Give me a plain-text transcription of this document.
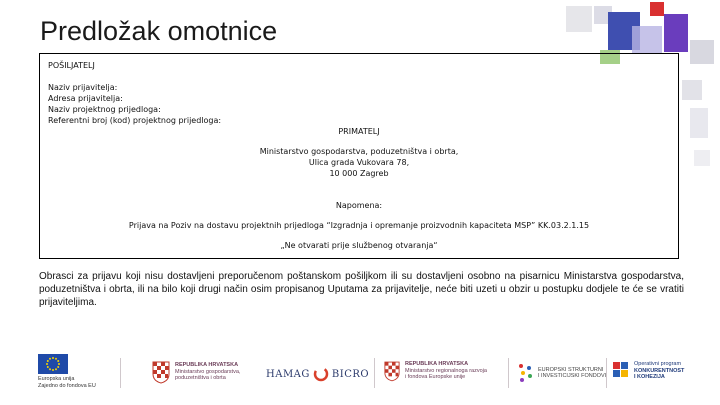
Predložak omotnice
POŠILJATELJ
Naziv prijavitelja:
Adresa prijavitelja:
Naziv projektnog prijedloga:
Referentni broj (kod) projektnog prijedloga:
PRIMATELJ
Ministarstvo gospodarstva, poduzetništva i obrta,
Ulica grada Vukovara 78,
10 000 Zagreb
Napomena:
Prijava na Poziv na dostavu projektnih prijedloga “Izgradnja i opremanje proizvodnih kapaciteta MSP” KK.03.2.1.15
„Ne otvarati prije službenog otvaranja“
Obrasci za prijavu koji nisu dostavljeni preporučenom poštanskom pošiljkom ili su dostavljeni osobno na pisarnicu Ministarstva gospodarstva, poduzetništva i obrta, ili na bilo koji drugi način osim propisanog Uputama za prijavitelje, neće biti uzeti u obzir u postupku dodjele te će se vratiti prijaviteljima.
Europska unija
Zajedno do fondova EU
REPUBLIKA HRVATSKA
Ministarstvo gospodarstva,
poduzetništva i obrta	HAMAG BICRO
REPUBLIKA HRVATSKA
Ministarstvo regionalnoga razvoja
i fondova Europske unije
EUROPSKI STRUKTURNI
I INVESTICIJSKI FONDOVI
Operativni program
KONKURENTNOST
I KOHEZIJA
